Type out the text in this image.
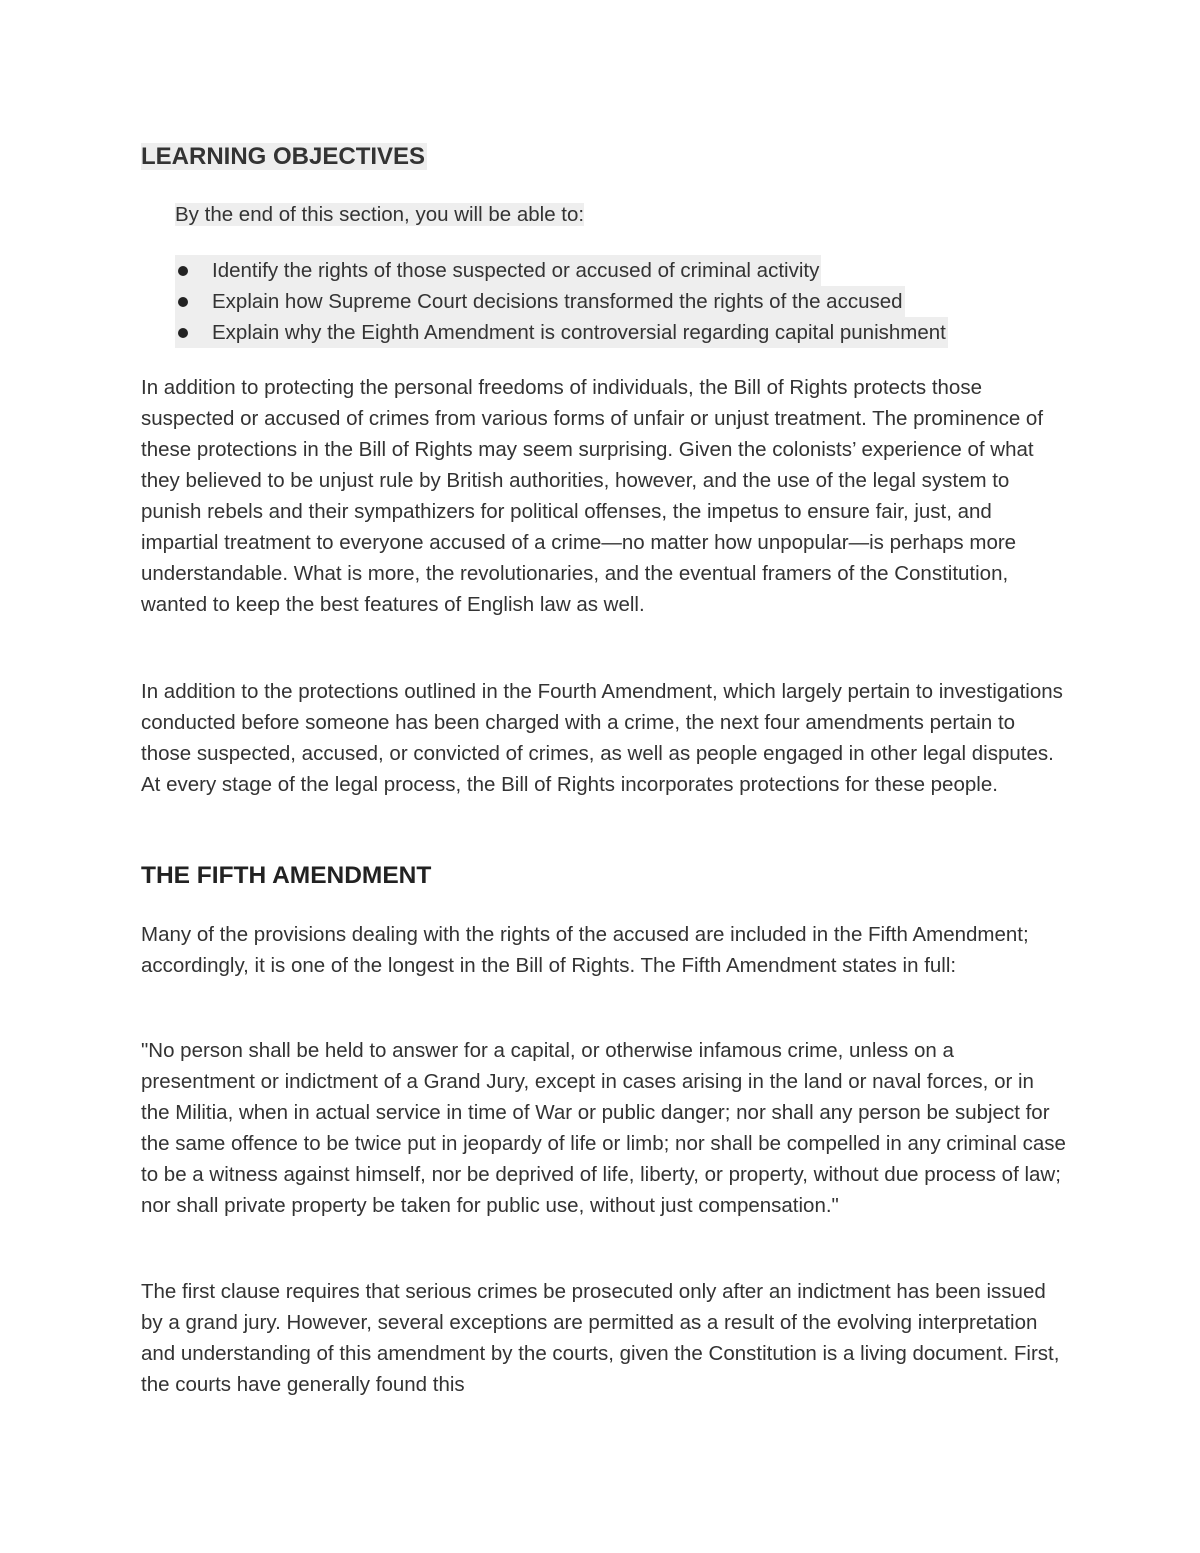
LEARNING OBJECTIVES

By the end of this section, you will be able to:

Identify the rights of those suspected or accused of criminal activity
Explain how Supreme Court decisions transformed the rights of the accused
Explain why the Eighth Amendment is controversial regarding capital punishment

In addition to protecting the personal freedoms of individuals, the Bill of Rights protects those suspected or accused of crimes from various forms of unfair or unjust treatment. The prominence of these protections in the Bill of Rights may seem surprising. Given the colonists’ experience of what they believed to be unjust rule by British authorities, however, and the use of the legal system to punish rebels and their sympathizers for political offenses, the impetus to ensure fair, just, and impartial treatment to everyone accused of a crime—no matter how unpopular—is perhaps more understandable. What is more, the revolutionaries, and the eventual framers of the Constitution, wanted to keep the best features of English law as well.

In addition to the protections outlined in the Fourth Amendment, which largely pertain to investigations conducted before someone has been charged with a crime, the next four amendments pertain to those suspected, accused, or convicted of crimes, as well as people engaged in other legal disputes. At every stage of the legal process, the Bill of Rights incorporates protections for these people.

THE FIFTH AMENDMENT

Many of the provisions dealing with the rights of the accused are included in the Fifth Amendment; accordingly, it is one of the longest in the Bill of Rights. The Fifth Amendment states in full:

"No person shall be held to answer for a capital, or otherwise infamous crime, unless on a presentment or indictment of a Grand Jury, except in cases arising in the land or naval forces, or in the Militia, when in actual service in time of War or public danger; nor shall any person be subject for the same offence to be twice put in jeopardy of life or limb; nor shall be compelled in any criminal case to be a witness against himself, nor be deprived of life, liberty, or property, without due process of law; nor shall private property be taken for public use, without just compensation."

The first clause requires that serious crimes be prosecuted only after an indictment has been issued by a grand jury. However, several exceptions are permitted as a result of the evolving interpretation and understanding of this amendment by the courts, given the Constitution is a living document. First, the courts have generally found this
